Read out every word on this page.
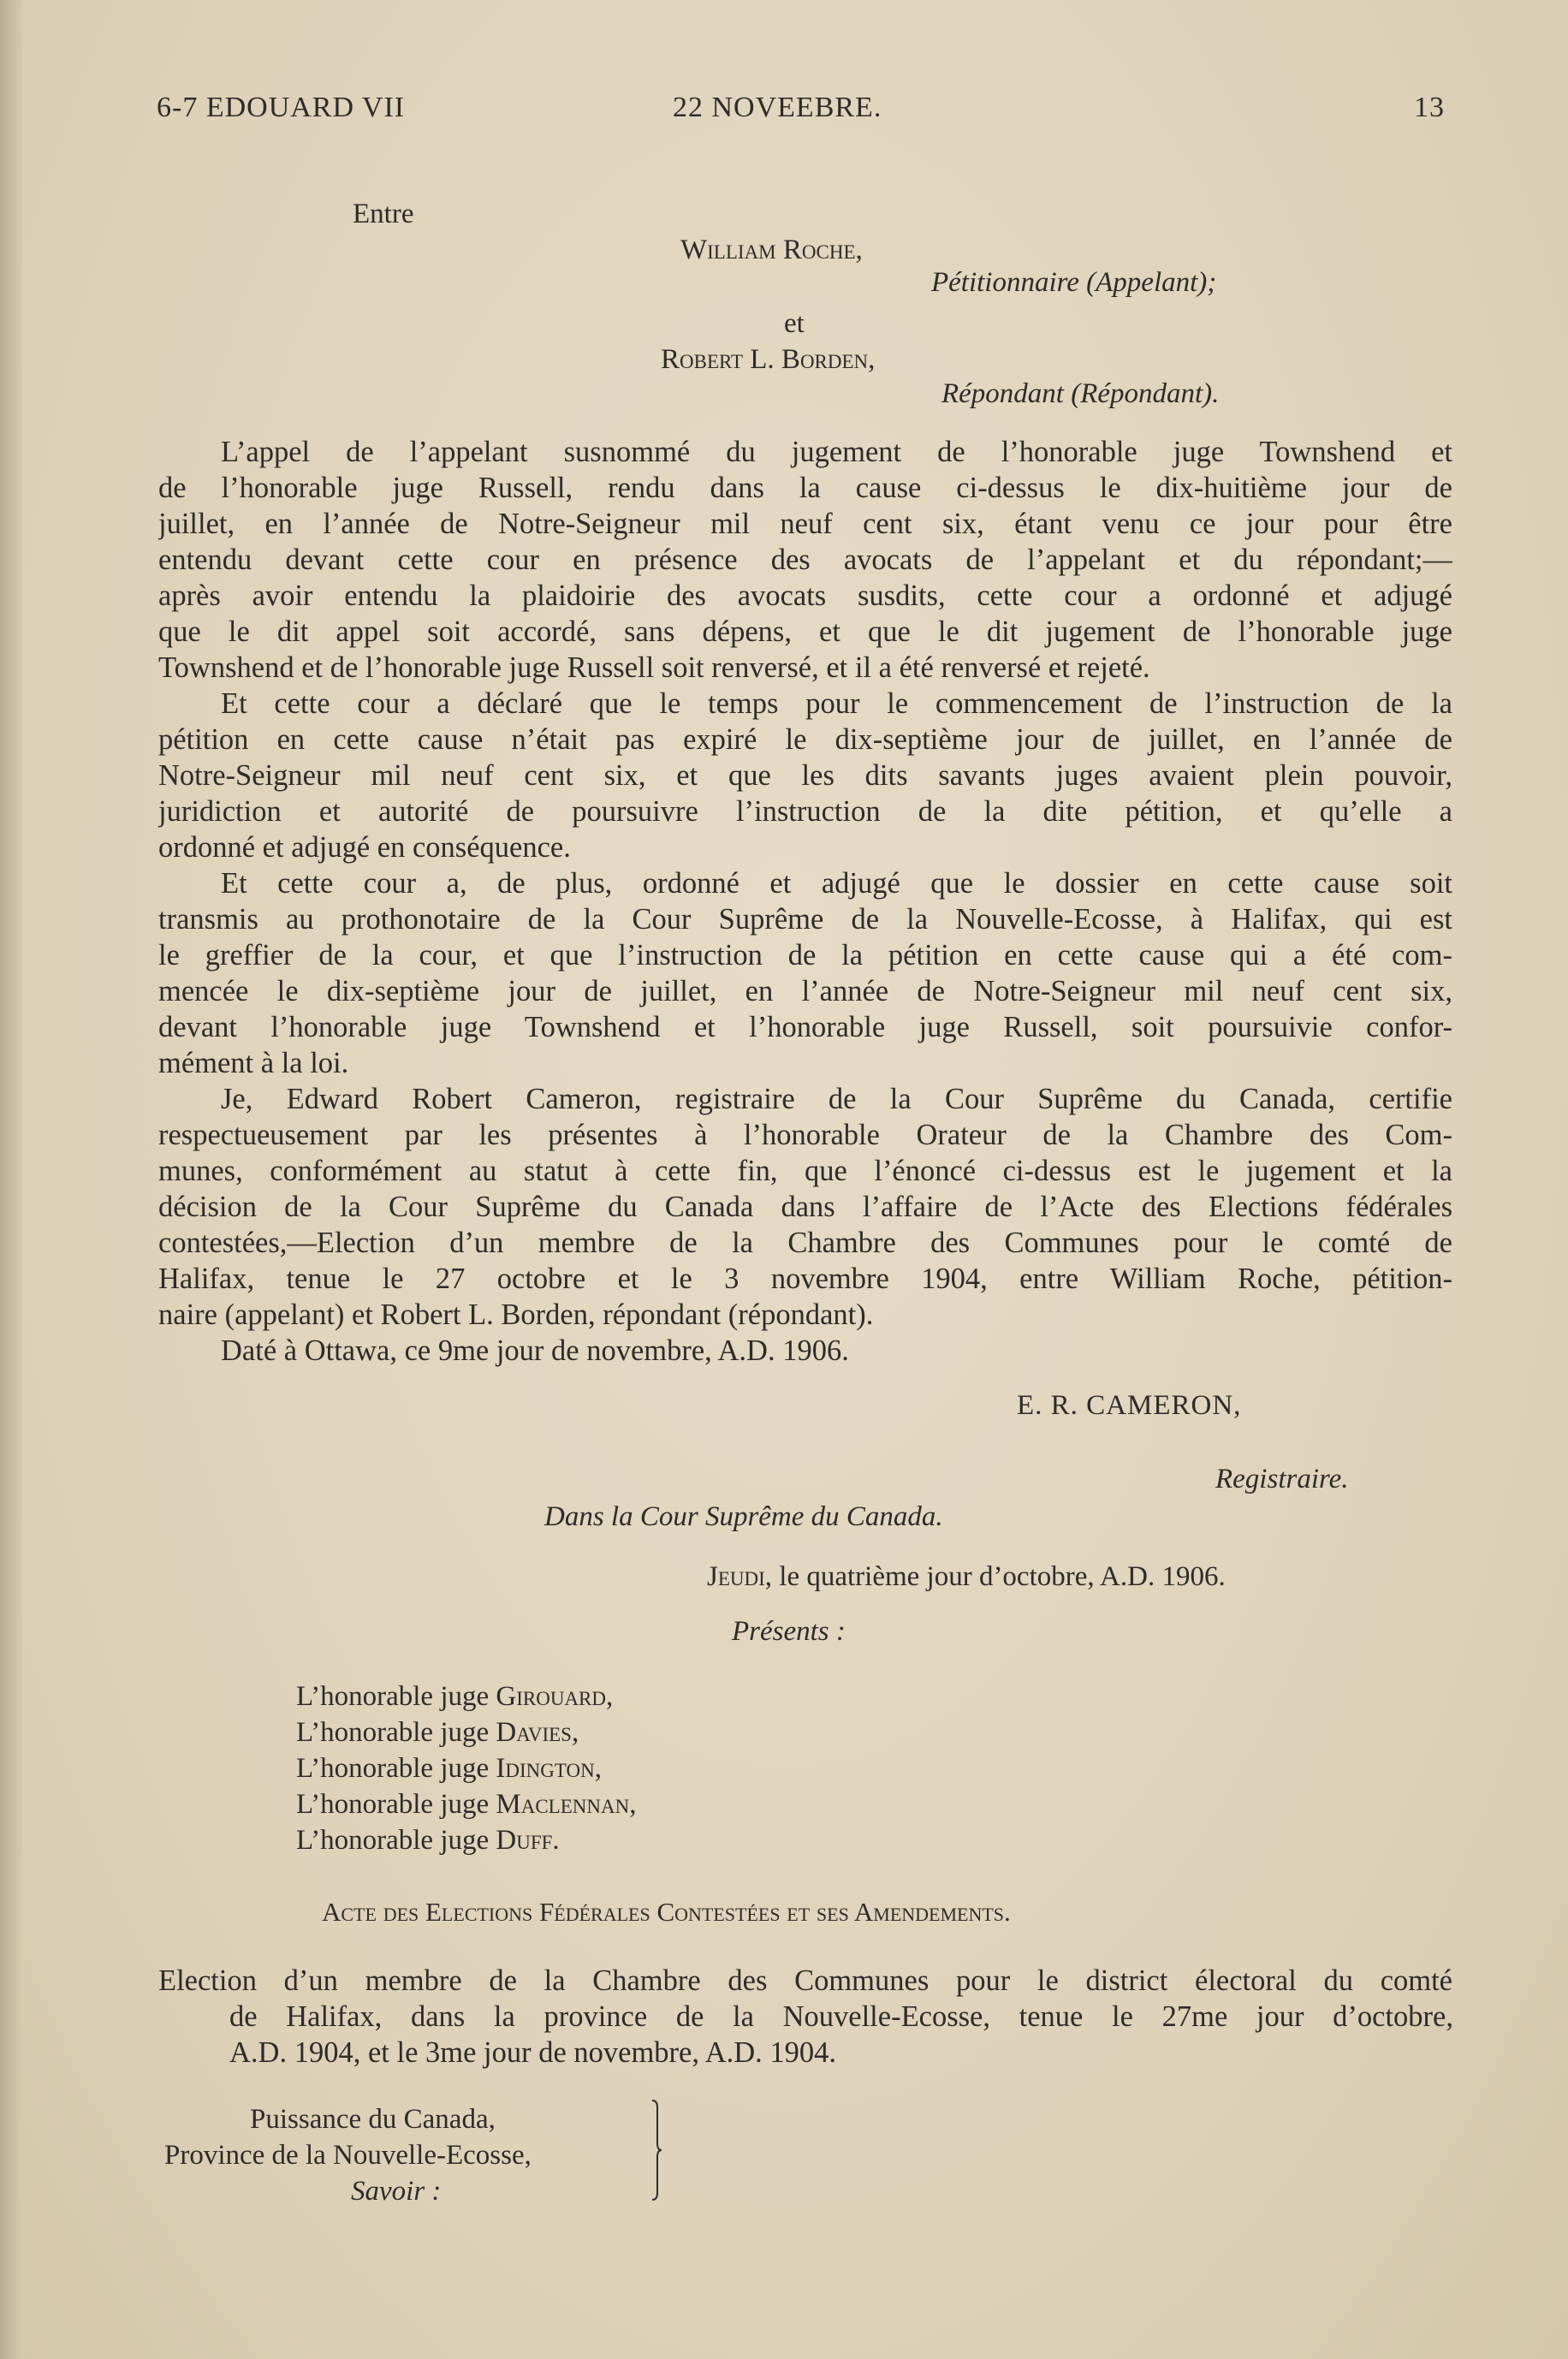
6-7 EDOUARD VII	22 NOVEEBRE.	13
Entre
William Roche,
Pétitionnaire (Appelant);
et
Robert L. Borden,
Répondant (Répondant).
L’appel de l’appelant susnommé du jugement de l’honorable juge Townshend et
de l’honorable juge Russell, rendu dans la cause ci-dessus le dix-huitième jour de
juillet, en l’année de Notre-Seigneur mil neuf cent six, étant venu ce jour pour être
entendu devant cette cour en présence des avocats de l’appelant et du répondant;—
après avoir entendu la plaidoirie des avocats susdits, cette cour a ordonné et adjugé
que le dit appel soit accordé, sans dépens, et que le dit jugement de l’honorable juge
Townshend et de l’honorable juge Russell soit renversé, et il a été renversé et rejeté.
Et cette cour a déclaré que le temps pour le commencement de l’instruction de la
pétition en cette cause n’était pas expiré le dix-septième jour de juillet, en l’année de
Notre-Seigneur mil neuf cent six, et que les dits savants juges avaient plein pouvoir,
juridiction et autorité de poursuivre l’instruction de la dite pétition, et qu’elle a
ordonné et adjugé en conséquence.
Et cette cour a, de plus, ordonné et adjugé que le dossier en cette cause soit
transmis au prothonotaire de la Cour Suprême de la Nouvelle-Ecosse, à Halifax, qui est
le greffier de la cour, et que l’instruction de la pétition en cette cause qui a été com-
mencée le dix-septième jour de juillet, en l’année de Notre-Seigneur mil neuf cent six,
devant l’honorable juge Townshend et l’honorable juge Russell, soit poursuivie confor-
mément à la loi.
Je, Edward Robert Cameron, registraire de la Cour Suprême du Canada, certifie
respectueusement par les présentes à l’honorable Orateur de la Chambre des Com-
munes, conformément au statut à cette fin, que l’énoncé ci-dessus est le jugement et la
décision de la Cour Suprême du Canada dans l’affaire de l’Acte des Elections fédérales
contestées,—Election d’un membre de la Chambre des Communes pour le comté de
Halifax, tenue le 27 octobre et le 3 novembre 1904, entre William Roche, pétition-
naire (appelant) et Robert L. Borden, répondant (répondant).
Daté à Ottawa, ce 9me jour de novembre, A.D. 1906.
E. R. CAMERON,
Registraire.
Dans la Cour Suprême du Canada.
Jeudi, le quatrième jour d’octobre, A.D. 1906.
Présents :
L’honorable juge Girouard,
L’honorable juge Davies,
L’honorable juge Idington,
L’honorable juge Maclennan,
L’honorable juge Duff.
Acte des Elections Fédérales Contestées et ses Amendements.
Election d’un membre de la Chambre des Communes pour le district électoral du comté
de Halifax, dans la province de la Nouvelle-Ecosse, tenue le 27me jour d’octobre,
A.D. 1904, et le 3me jour de novembre, A.D. 1904.
Puissance du Canada,
Province de la Nouvelle-Ecosse,
Savoir :
